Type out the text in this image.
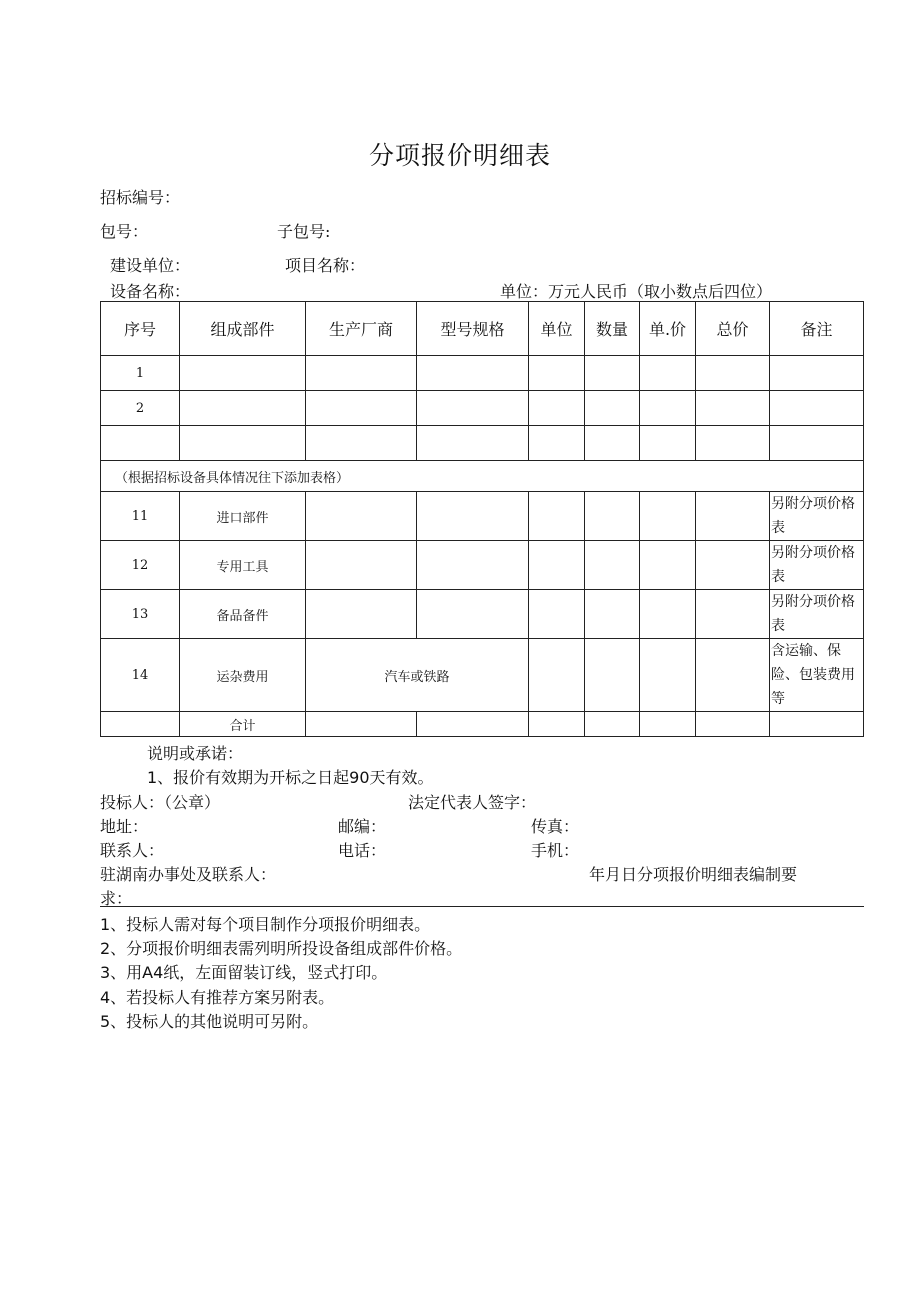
分项报价明细表
招标编号：
包号：	子包号:
建设单位：	项目名称：
设备名称：	单位：万元人民币（取小数点后四位）
序号	组成部件	生产厂商	型号规格	单位	数量	单.价	总价	备注
1								
2								

（根据招标设备具体情况往下添加表格）								
11	进口部件							另附分项价格表
12	专用工具							另附分项价格表
13	备品备件							另附分项价格表
14	运杂费用	汽车或铁路						含运输、保险、包装费用等
	合计							
说明或承诺：
1、报价有效期为开标之日起90天有效。
投标人：（公章）	法定代表人签字：
地址：	邮编：	传真：
联系人：	电话：	手机：
驻湖南办事处及联系人：	年月日分项报价明细表编制要
求：
1、投标人需对每个项目制作分项报价明细表。
2、分项报价明细表需列明所投设备组成部件价格。
3、用A4纸，左面留装订线，竖式打印。
4、若投标人有推荐方案另附表。
5、投标人的其他说明可另附。
